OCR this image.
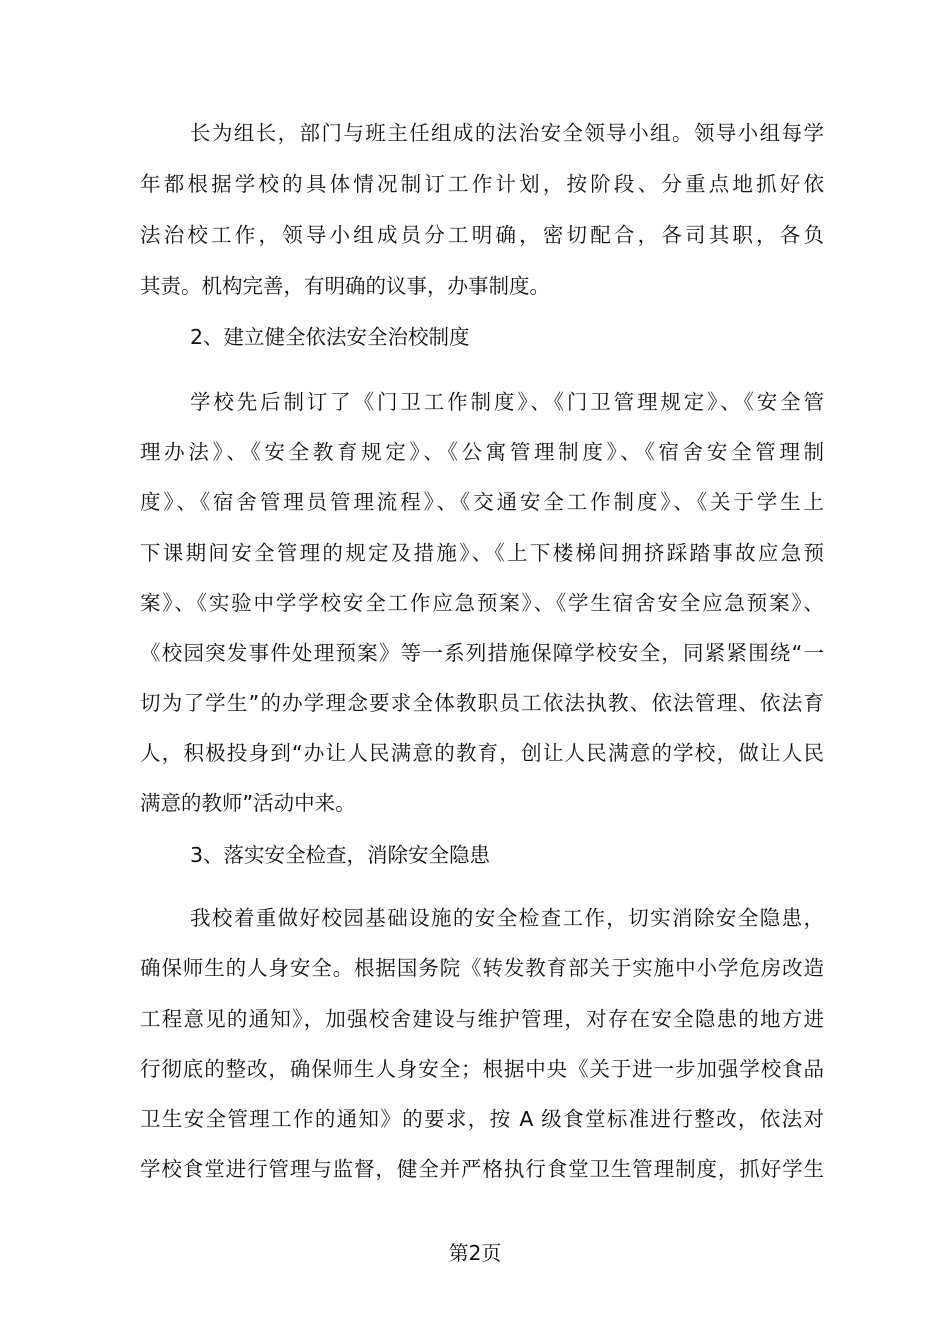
长为组长，部门与班主任组成的法治安全领导小组。领导小组每学
年都根据学校的具体情况制订工作计划，按阶段、分重点地抓好依
法治校工作，领导小组成员分工明确，密切配合，各司其职，各负
其责。机构完善，有明确的议事，办事制度。
2、建立健全依法安全治校制度
学校先后制订了《门卫工作制度》、《门卫管理规定》、《安全管
理办法》、《安全教育规定》、《公寓管理制度》、《宿舍安全管理制
度》、《宿舍管理员管理流程》、《交通安全工作制度》、《关于学生上
下课期间安全管理的规定及措施》、《上下楼梯间拥挤踩踏事故应急预
案》、《实验中学学校安全工作应急预案》、《学生宿舍安全应急预案》、
《校园突发事件处理预案》等一系列措施保障学校安全，同紧紧围绕“一
切为了学生”的办学理念要求全体教职员工依法执教、依法管理、依法育
人，积极投身到“办让人民满意的教育，创让人民满意的学校，做让人民
满意的教师”活动中来。
3、落实安全检查，消除安全隐患
我校着重做好校园基础设施的安全检查工作，切实消除安全隐患，
确保师生的人身安全。根据国务院《转发教育部关于实施中小学危房改造
工程意见的通知》，加强校舍建设与维护管理，对存在安全隐患的地方进
行彻底的整改，确保师生人身安全；根据中央《关于进一步加强学校食品
卫生安全管理工作的通知》的要求，按 A 级食堂标准进行整改，依法对
学校食堂进行管理与监督，健全并严格执行食堂卫生管理制度，抓好学生
第2页
